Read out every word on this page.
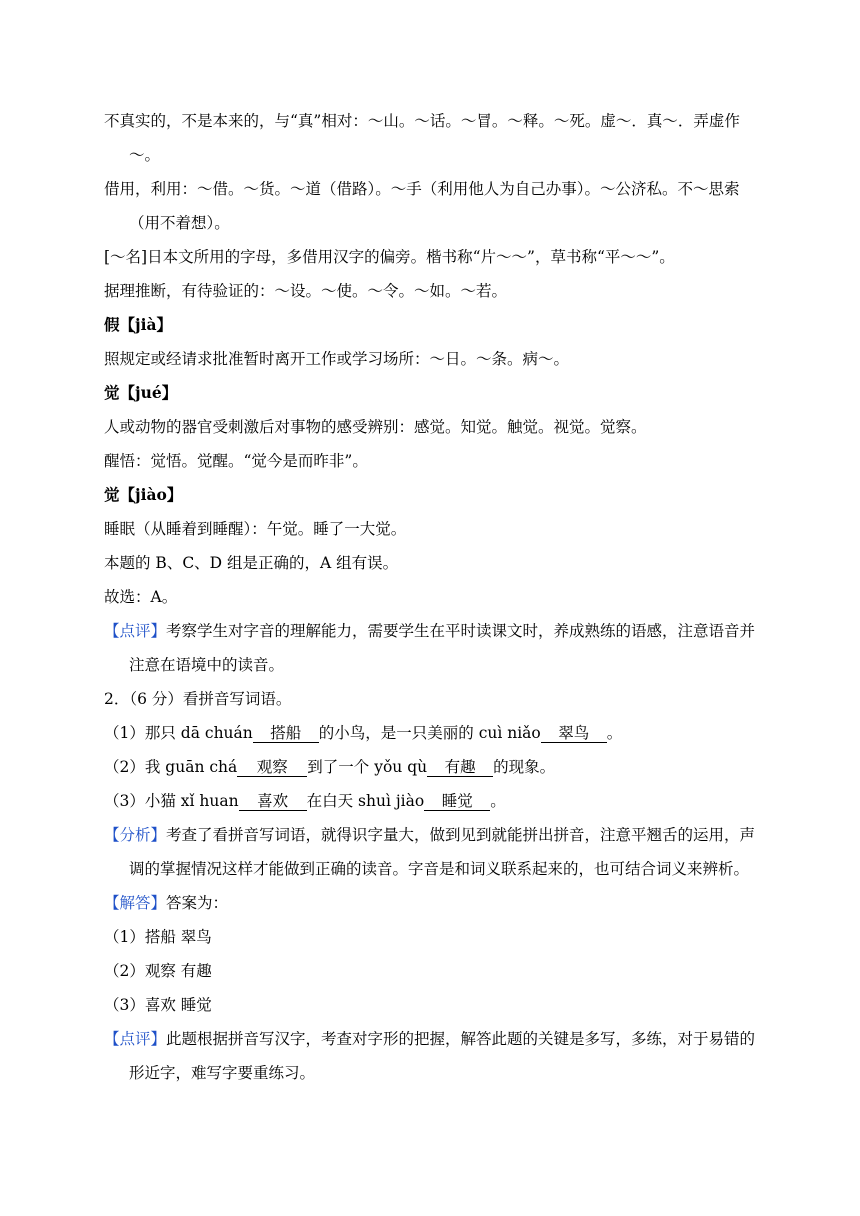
不真实的，不是本来的，与“真”相对：～山。～话。～冒。～释。～死。虚～．真～．弄虚作～。
借用，利用：～借。～货。～道（借路）。～手（利用他人为自己办事）。～公济私。不～思索（用不着想）。
[～名]日本文所用的字母，多借用汉字的偏旁。楷书称“片～～”，草书称“平～～”。
据理推断，有待验证的：～设。～使。～令。～如。～若。
假【jià】
照规定或经请求批准暂时离开工作或学习场所：～日。～条。病～。
觉【jué】
人或动物的器官受刺激后对事物的感受辨别：感觉。知觉。触觉。视觉。觉察。
醒悟：觉悟。觉醒。“觉今是而昨非”。
觉【jiào】
睡眠（从睡着到睡醒）：午觉。睡了一大觉。
本题的 B、C、D 组是正确的，A 组有误。
故选：A。
【点评】考察学生对字音的理解能力，需要学生在平时读课文时，养成熟练的语感，注意语音并注意在语境中的读音。
2．（6 分）看拼音写词语。
（1）那只 dā chuán 搭船 的小鸟，是一只美丽的 cuì niǎo 翠鸟 。
（2）我 guān chá 观察 到了一个 yǒu qù 有趣 的现象。
（3）小猫 xǐ huan 喜欢 在白天 shuì jiào 睡觉 。
【分析】考查了看拼音写词语，就得识字量大，做到见到就能拼出拼音，注意平翘舌的运用，声调的掌握情况这样才能做到正确的读音。字音是和词义联系起来的，也可结合词义来辨析。
【解答】答案为：
（1）搭船 翠鸟
（2）观察 有趣
（3）喜欢 睡觉
【点评】此题根据拼音写汉字，考查对字形的把握，解答此题的关键是多写，多练，对于易错的形近字，难写字要重练习。
